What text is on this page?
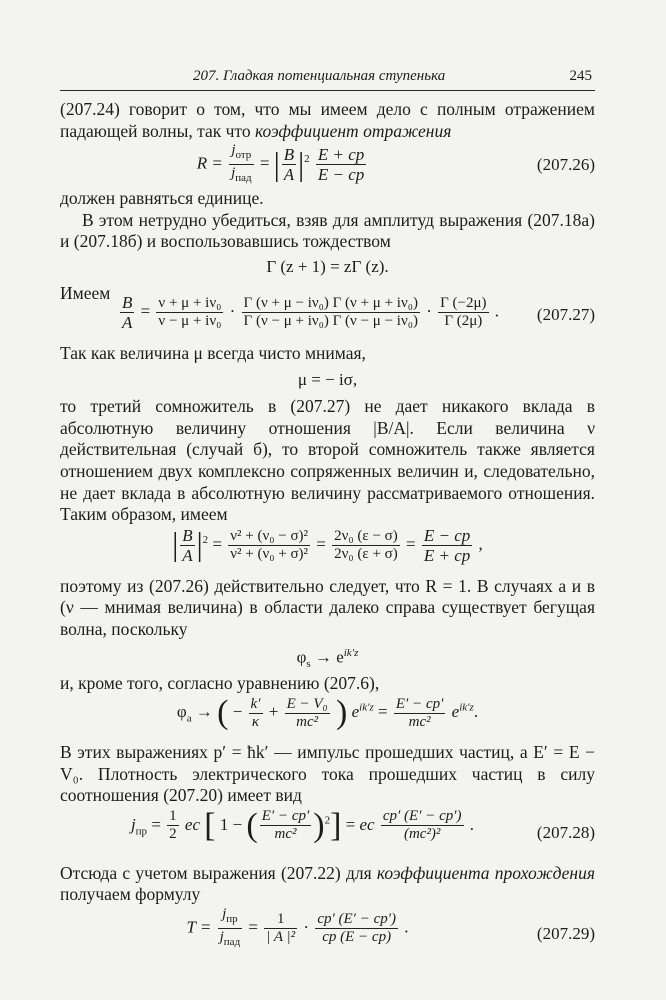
207. Гладкая потенциальная ступенька	245

(207.24) говорит о том, что мы имеем дело с полным отражением падающей волны, так что коэффициент отражения

$R = \frac{j_{отр}}{j_{пад}}$ = | $\frac{B}{A} |^2 \frac{E + cp}{E - cp}$	(207.26)

должен равняться единице.

В этом нетрудно убедиться, взяв для амплитуд выражения (207.18а) и (207.18б) и воспользовавшись тождеством

Γ (z + 1) = zΓ (z).

Имеем $\frac{B}{A} = \frac{\text{ν + μ + iν₀}}{\text{ν − μ + iν₀}} \cdot \frac{\text{Γ (ν + μ − iν₀) Γ (ν + μ + iν₀)}}{\text{Γ (ν − μ + iν₀) Γ (ν − μ − iν₀)}} \cdot \frac{\Gamma (-2\mu)}{\Gamma (2\mu)}$ .	(207.27)

Так как величина μ всегда чисто мнимая,

μ = − iσ,

то третий сомножитель в (207.27) не дает никакого вклада в абсолютную величину отношения |B/A|. Если величина ν действительная (случай б), то второй сомножитель также является отношением двух комплексно сопряженных величин и, следовательно, не дает вклада в абсолютную величину рассматриваемого отношения. Таким образом, имеем

| $\frac{B}{A} |^2 = \frac{\text{ν² + (ν₀ − σ)²}}{\text{ν² + (ν₀ + σ)²}} = \frac{\text{2ν₀ (ε − σ)}}{\text{2ν₀ (ε + σ)}} = \frac{E - cp}{E + cp}$ ,

поэтому из (207.26) действительно следует, что R = 1. В случаях а и в (ν — мнимая величина) в области далеко справа существует бегущая волна, поскольку

$\varphi_s \to e^{ik'z}$

и, кроме того, согласно уравнению (207.6),

$\varphi_a$ → ( − $\frac{k'}{\kappa} + \frac{\text{E − V₀}}{\text{mc²}}$ ) $e^{ik'z} = \frac{E' - cp'}{\text{mc²}} e^{ik'z}$.

В этих выражениях p′ = ħk′ — импульс прошедших частиц, а E′ = E − V₀. Плотность электрического тока прошедших частиц в силу соотношения (207.20) имеет вид

$j_{пр} = \frac{1}{2}$ ec [ 1 − ( $\frac{E' - cp'}{\text{mc²}} )^2$] = ec $\frac{cp' (E' - cp')}{\text{(mc²)²}}$ .	(207.28)

Отсюда с учетом выражения (207.22) для коэффициента прохождения получаем формулу

$T = \frac{j_{пр}}{j_{пад}} = \frac{1}{\text{| A |²}} \cdot \frac{cp' (E' - cp')}{cp (E - cp)}$ .	(207.29)
